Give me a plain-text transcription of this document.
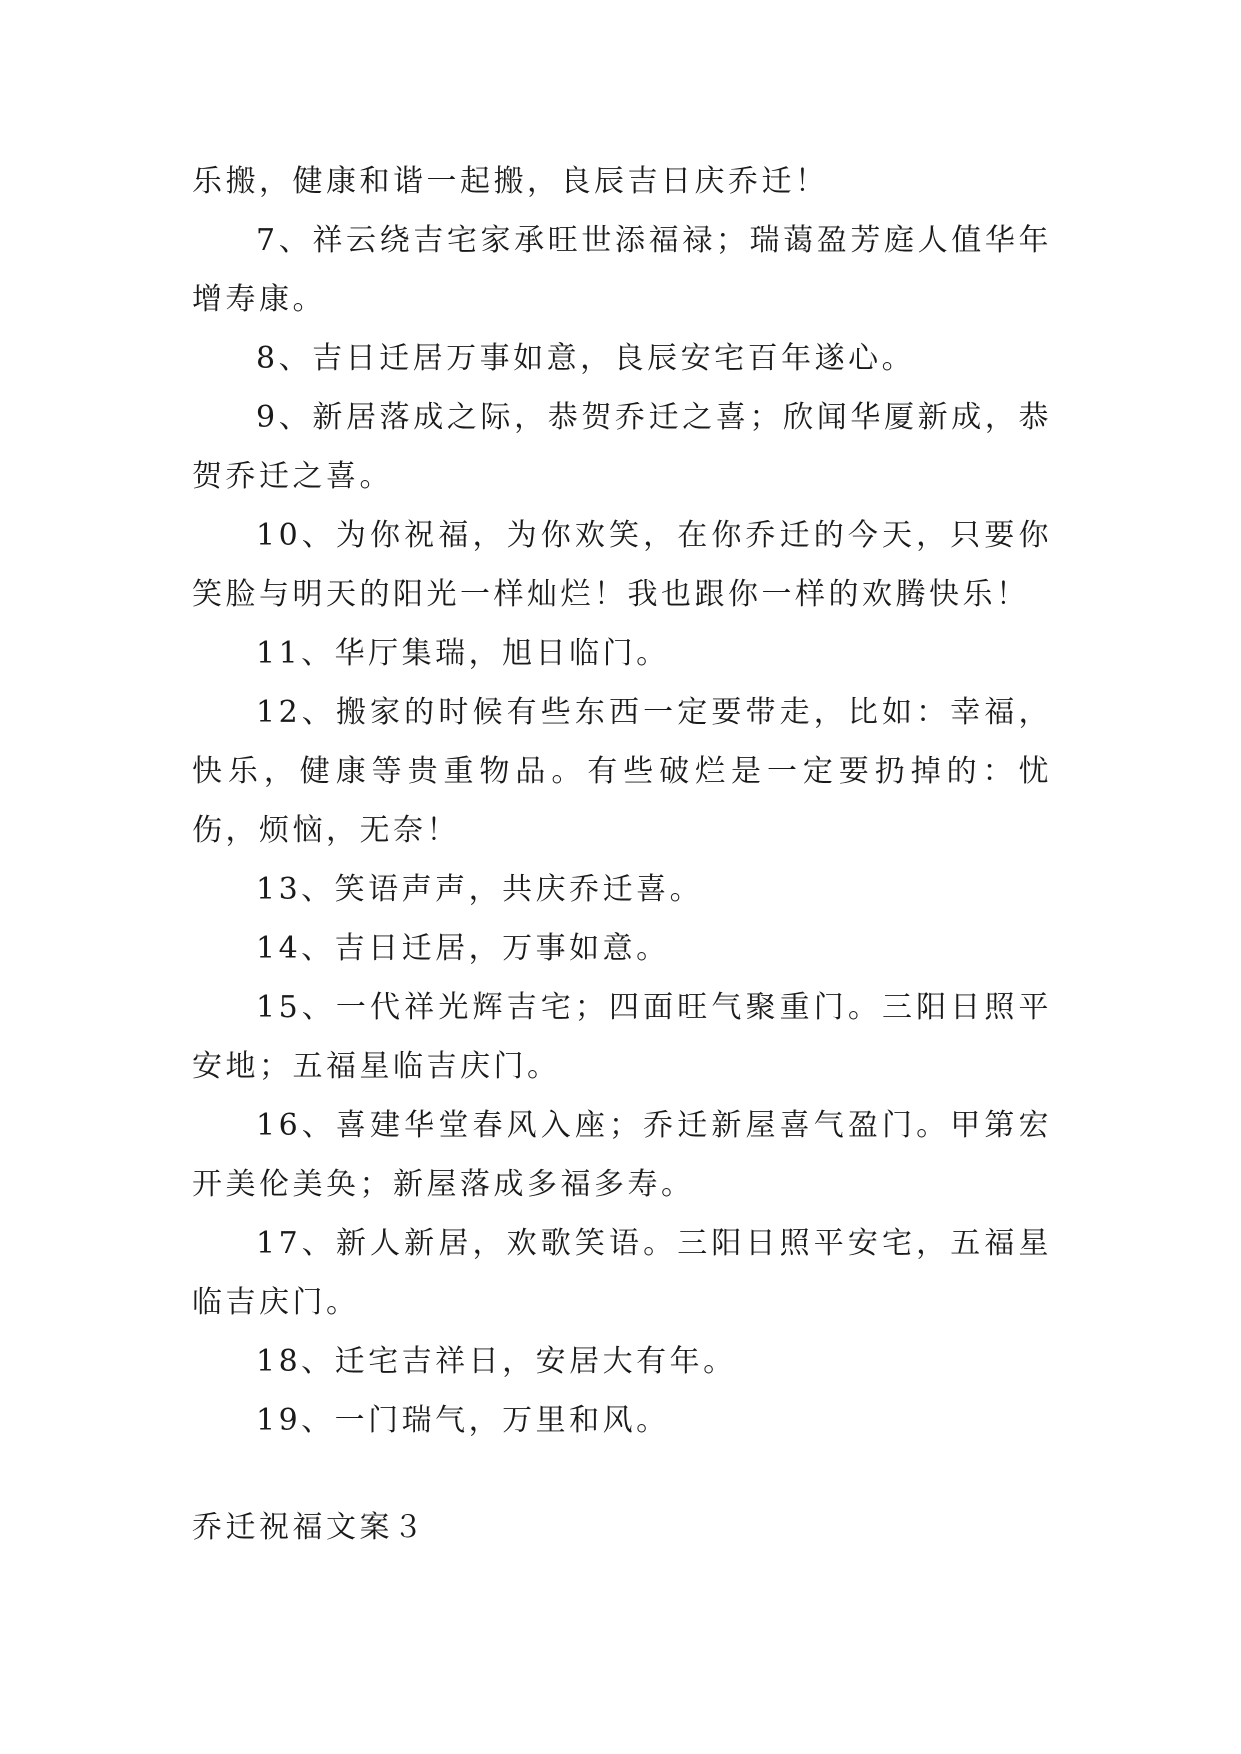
乐搬，健康和谐一起搬，良辰吉日庆乔迁！

7、祥云绕吉宅家承旺世添福禄；瑞蔼盈芳庭人值华年增寿康。

8、吉日迁居万事如意，良辰安宅百年遂心。

9、新居落成之际，恭贺乔迁之喜；欣闻华厦新成，恭贺乔迁之喜。

10、为你祝福，为你欢笑，在你乔迁的今天，只要你笑脸与明天的阳光一样灿烂！我也跟你一样的欢腾快乐！

11、华厅集瑞，旭日临门。

12、搬家的时候有些东西一定要带走，比如：幸福，快乐，健康等贵重物品。有些破烂是一定要扔掉的：忧伤，烦恼，无奈！

13、笑语声声，共庆乔迁喜。

14、吉日迁居，万事如意。

15、一代祥光辉吉宅；四面旺气聚重门。三阳日照平安地；五福星临吉庆门。

16、喜建华堂春风入座；乔迁新屋喜气盈门。甲第宏开美伦美奂；新屋落成多福多寿。

17、新人新居，欢歌笑语。三阳日照平安宅，五福星临吉庆门。

18、迁宅吉祥日，安居大有年。

19、一门瑞气，万里和风。

乔迁祝福文案３
